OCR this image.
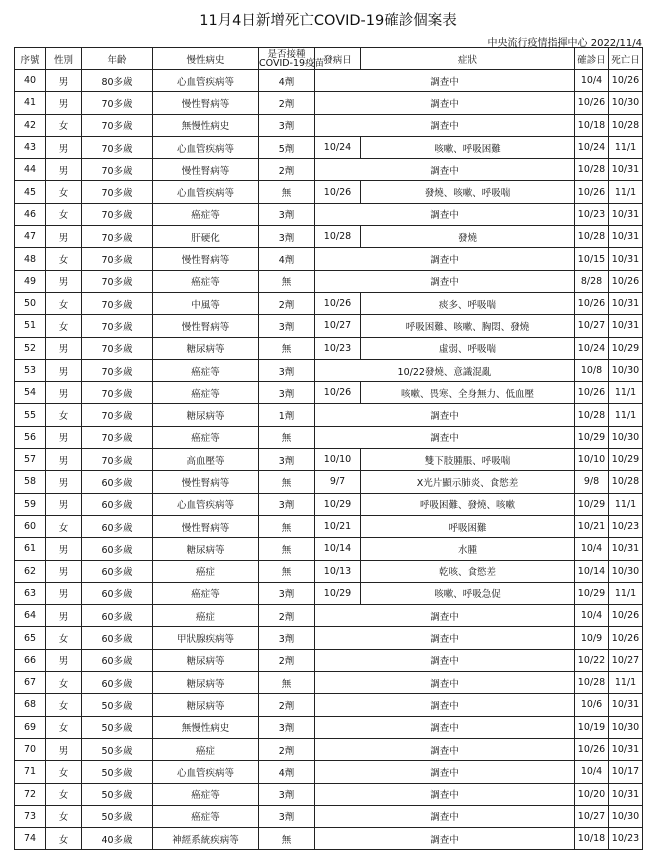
11月4日新增死亡COVID-19確診個案表
中央流行疫情指揮中心 2022/11/4
序號	性別	年齡	慢性病史	是否接種
COVID-19疫苗	發病日	症狀	確診日	死亡日
40	男	80多歲	心血管疾病等	4劑	調查中		10/4	10/26
41	男	70多歲	慢性腎病等	2劑	調查中		10/26	10/30
42	女	70多歲	無慢性病史	3劑	調查中		10/18	10/28
43	男	70多歲	心血管疾病等	5劑	10/24	咳嗽、呼吸困難	10/24	11/1
44	男	70多歲	慢性腎病等	2劑	調查中		10/28	10/31
45	女	70多歲	心血管疾病等	無	10/26	發燒、咳嗽、呼吸喘	10/26	11/1
46	女	70多歲	癌症等	3劑	調查中		10/23	10/31
47	男	70多歲	肝硬化	3劑	10/28	發燒	10/28	10/31
48	女	70多歲	慢性腎病等	4劑	調查中		10/15	10/31
49	男	70多歲	癌症等	無	調查中		8/28	10/26
50	女	70多歲	中風等	2劑	10/26	痰多、呼吸喘	10/26	10/31
51	女	70多歲	慢性腎病等	3劑	10/27	呼吸困難、咳嗽、胸悶、發燒	10/27	10/31
52	男	70多歲	糖尿病等	無	10/23	虛弱、呼吸喘	10/24	10/29
53	男	70多歲	癌症等	3劑	10/22發燒、意識混亂		10/8	10/30
54	男	70多歲	癌症等	3劑	10/26	咳嗽、畏寒、全身無力、低血壓	10/26	11/1
55	女	70多歲	糖尿病等	1劑	調查中		10/28	11/1
56	男	70多歲	癌症等	無	調查中		10/29	10/30
57	男	70多歲	高血壓等	3劑	10/10	雙下肢腫脹、呼吸喘	10/10	10/29
58	男	60多歲	慢性腎病等	無	9/7	X光片顯示肺炎、食慾差	9/8	10/28
59	男	60多歲	心血管疾病等	3劑	10/29	呼吸困難、發燒、咳嗽	10/29	11/1
60	女	60多歲	慢性腎病等	無	10/21	呼吸困難	10/21	10/23
61	男	60多歲	糖尿病等	無	10/14	水腫	10/4	10/31
62	男	60多歲	癌症	無	10/13	乾咳、食慾差	10/14	10/30
63	男	60多歲	癌症等	3劑	10/29	咳嗽、呼吸急促	10/29	11/1
64	男	60多歲	癌症	2劑	調查中		10/4	10/26
65	女	60多歲	甲狀腺疾病等	3劑	調查中		10/9	10/26
66	男	60多歲	糖尿病等	2劑	調查中		10/22	10/27
67	女	60多歲	糖尿病等	無	調查中		10/28	11/1
68	女	50多歲	糖尿病等	2劑	調查中		10/6	10/31
69	女	50多歲	無慢性病史	3劑	調查中		10/19	10/30
70	男	50多歲	癌症	2劑	調查中		10/26	10/31
71	女	50多歲	心血管疾病等	4劑	調查中		10/4	10/17
72	女	50多歲	癌症等	3劑	調查中		10/20	10/31
73	女	50多歲	癌症等	3劑	調查中		10/27	10/30
74	女	40多歲	神經系統疾病等	無	調查中		10/18	10/23
